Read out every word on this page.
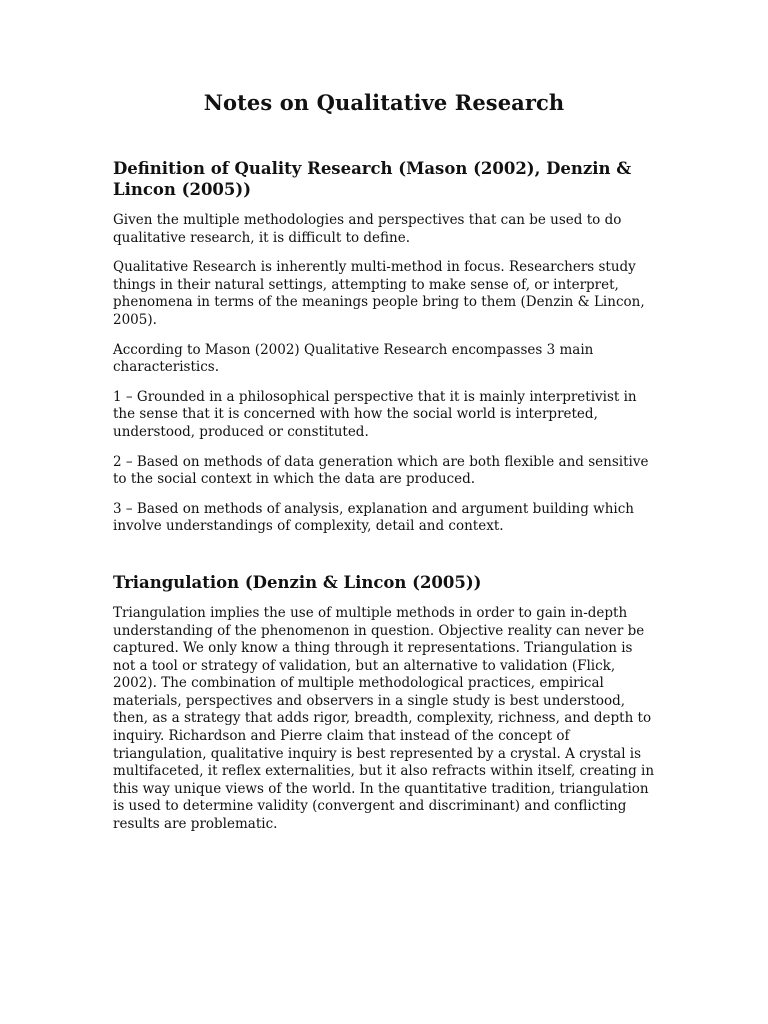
Notes on Qualitative Research
Definition of Quality Research (Mason (2002), Denzin & Lincon (2005))

Given the multiple methodologies and perspectives that can be used to do qualitative research, it is difficult to define.

Qualitative Research is inherently multi-method in focus. Researchers study things in their natural settings, attempting to make sense of, or interpret, phenomena in terms of the meanings people bring to them (Denzin & Lincon, 2005).

According to Mason (2002) Qualitative Research encompasses 3 main characteristics.

1 – Grounded in a philosophical perspective that it is mainly interpretivist in the sense that it is concerned with how the social world is interpreted, understood, produced or constituted.

2 – Based on methods of data generation which are both flexible and sensitive to the social context in which the data are produced.

3 – Based on methods of analysis, explanation and argument building which involve understandings of complexity, detail and context.

Triangulation (Denzin & Lincon (2005))

Triangulation implies the use of multiple methods in order to gain in-depth understanding of the phenomenon in question. Objective reality can never be captured. We only know a thing through it representations. Triangulation is not a tool or strategy of validation, but an alternative to validation (Flick, 2002). The combination of multiple methodological practices, empirical materials, perspectives and observers in a single study is best understood, then, as a strategy that adds rigor, breadth, complexity, richness, and depth to inquiry. Richardson and Pierre claim that instead of the concept of triangulation, qualitative inquiry is best represented by a crystal. A crystal is multifaceted, it reflex externalities, but it also refracts within itself, creating in this way unique views of the world. In the quantitative tradition, triangulation is used to determine validity (convergent and discriminant) and conflicting results are problematic.
